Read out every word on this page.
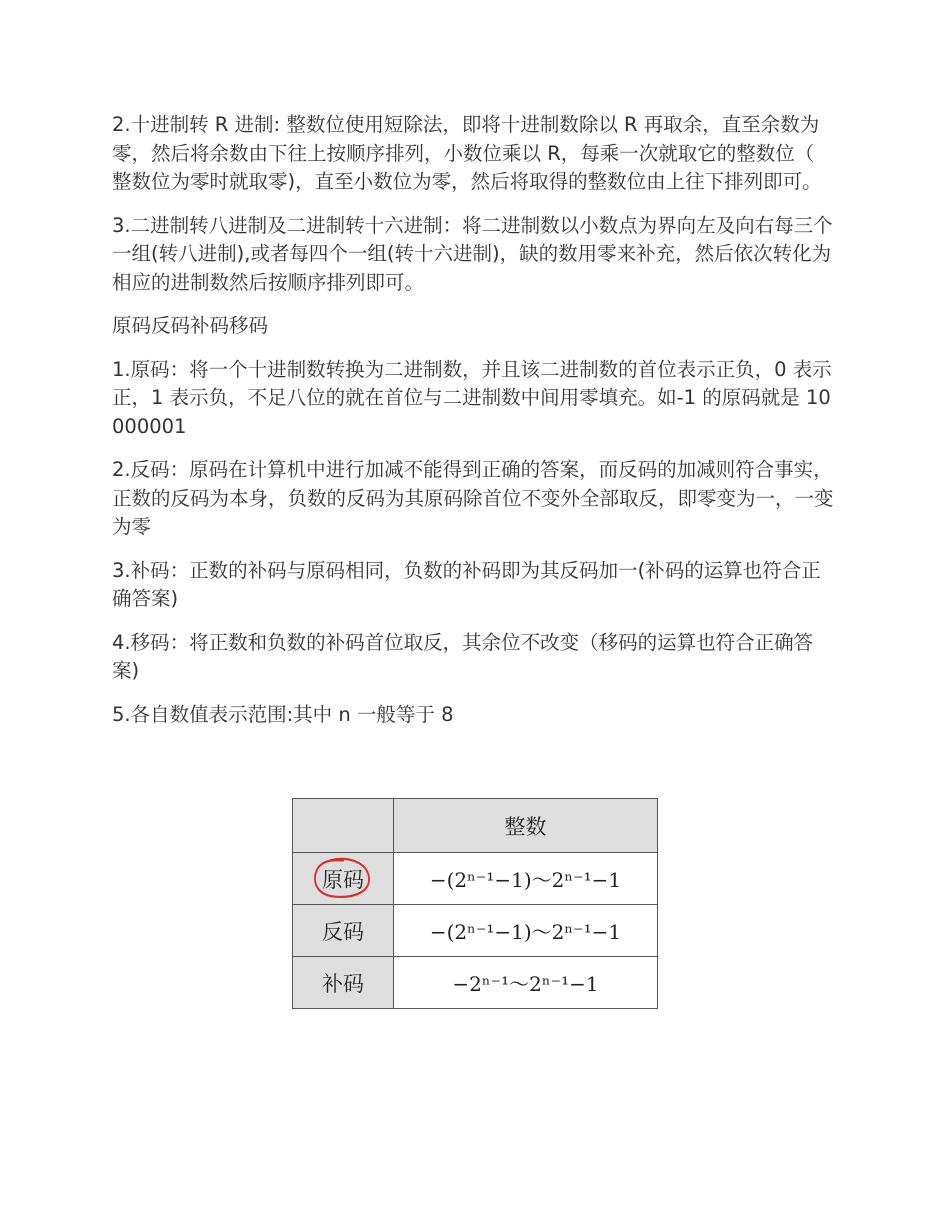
2.十进制转 R 进制: 整数位使用短除法，即将十进制数除以 R 再取余，直至余数为零，然后将余数由下往上按顺序排列，小数位乘以 R，每乘一次就取它的整数位（ 整数位为零时就取零)，直至小数位为零，然后将取得的整数位由上往下排列即可。

3.二进制转八进制及二进制转十六进制：将二进制数以小数点为界向左及向右每三个一组(转八进制),或者每四个一组(转十六进制)，缺的数用零来补充，然后依次转化为相应的进制数然后按顺序排列即可。

原码反码补码移码

1.原码：将一个十进制数转换为二进制数，并且该二进制数的首位表示正负，0 表示正，1 表示负，不足八位的就在首位与二进制数中间用零填充。如-1 的原码就是 10000001

2.反码：原码在计算机中进行加减不能得到正确的答案，而反码的加减则符合事实，正数的反码为本身，负数的反码为其原码除首位不变外全部取反，即零变为一，一变为零

3.补码：正数的补码与原码相同，负数的补码即为其反码加一(补码的运算也符合正确答案)

4.移码：将正数和负数的补码首位取反，其余位不改变（移码的运算也符合正确答案)

5.各自数值表示范围:其中 n 一般等于 8

	整数

原码	−(2ⁿ⁻¹−1)～2ⁿ⁻¹−1
反码	−(2ⁿ⁻¹−1)～2ⁿ⁻¹−1
补码	−2ⁿ⁻¹～2ⁿ⁻¹−1
